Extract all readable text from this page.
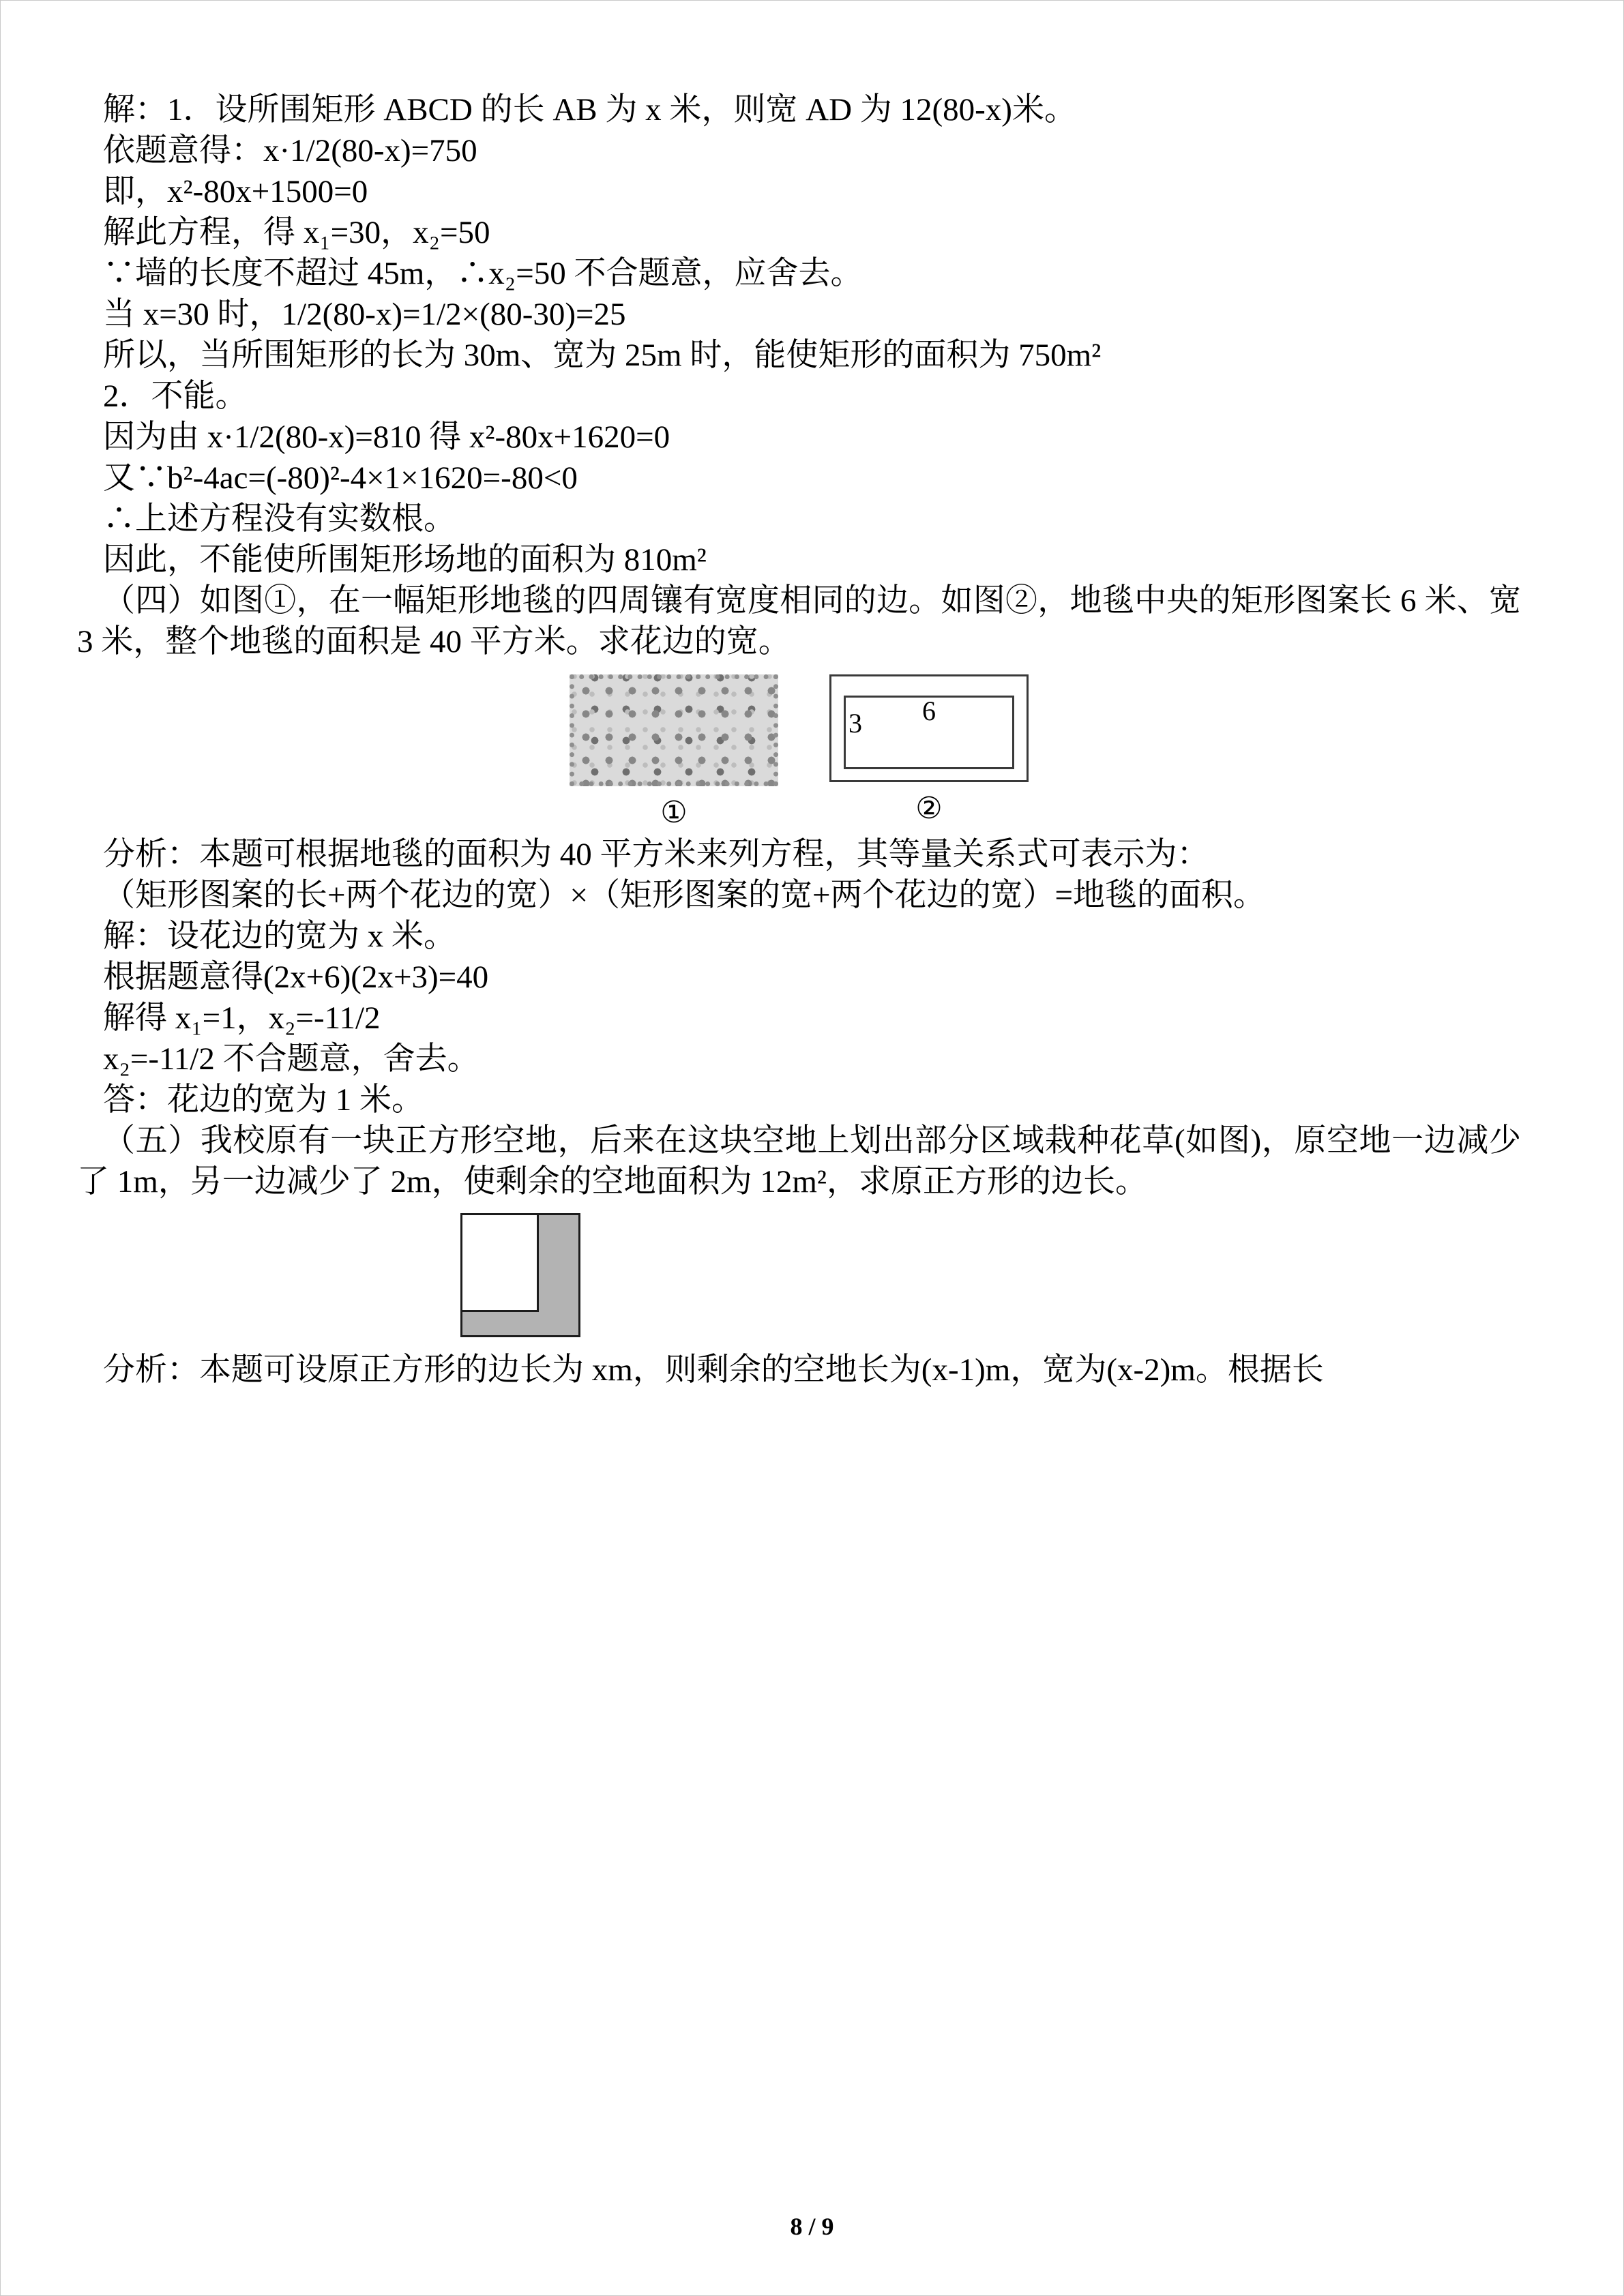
解：1．设所围矩形 ABCD 的长 AB 为 x 米，则宽 AD 为 12(80-x)米。

依题意得：x·1/2(80-x)=750

即，x²-80x+1500=0

解此方程，得 x₁=30，x₂=50

∵墙的长度不超过 45m，∴x₂=50 不合题意，应舍去。

当 x=30 时，1/2(80-x)=1/2×(80-30)=25

所以，当所围矩形的长为 30m、宽为 25m 时，能使矩形的面积为 750m²

2．不能。

因为由 x·1/2(80-x)=810 得 x²-80x+1620=0

又∵b²-4ac=(-80)²-4×1×1620=-80<0

∴上述方程没有实数根。

因此，不能使所围矩形场地的面积为 810m²

（四）如图①，在一幅矩形地毯的四周镶有宽度相同的边。如图②，地毯中央的矩形图案长 6 米、宽 3 米，整个地毯的面积是 40 平方米。求花边的宽。

①
6
3
②

分析：本题可根据地毯的面积为 40 平方米来列方程，其等量关系式可表示为：

（矩形图案的长+两个花边的宽）×（矩形图案的宽+两个花边的宽）=地毯的面积。

解：设花边的宽为 x 米。

根据题意得(2x+6)(2x+3)=40

解得 x₁=1，x₂=-11/2

x₂=-11/2 不合题意，舍去。

答：花边的宽为 1 米。

（五）我校原有一块正方形空地，后来在这块空地上划出部分区域栽种花草(如图)，原空地一边减少了 1m，另一边减少了 2m，使剩余的空地面积为 12m²，求原正方形的边长。

分析：本题可设原正方形的边长为 xm，则剩余的空地长为(x-1)m，宽为(x-2)m。根据长

8 / 9
